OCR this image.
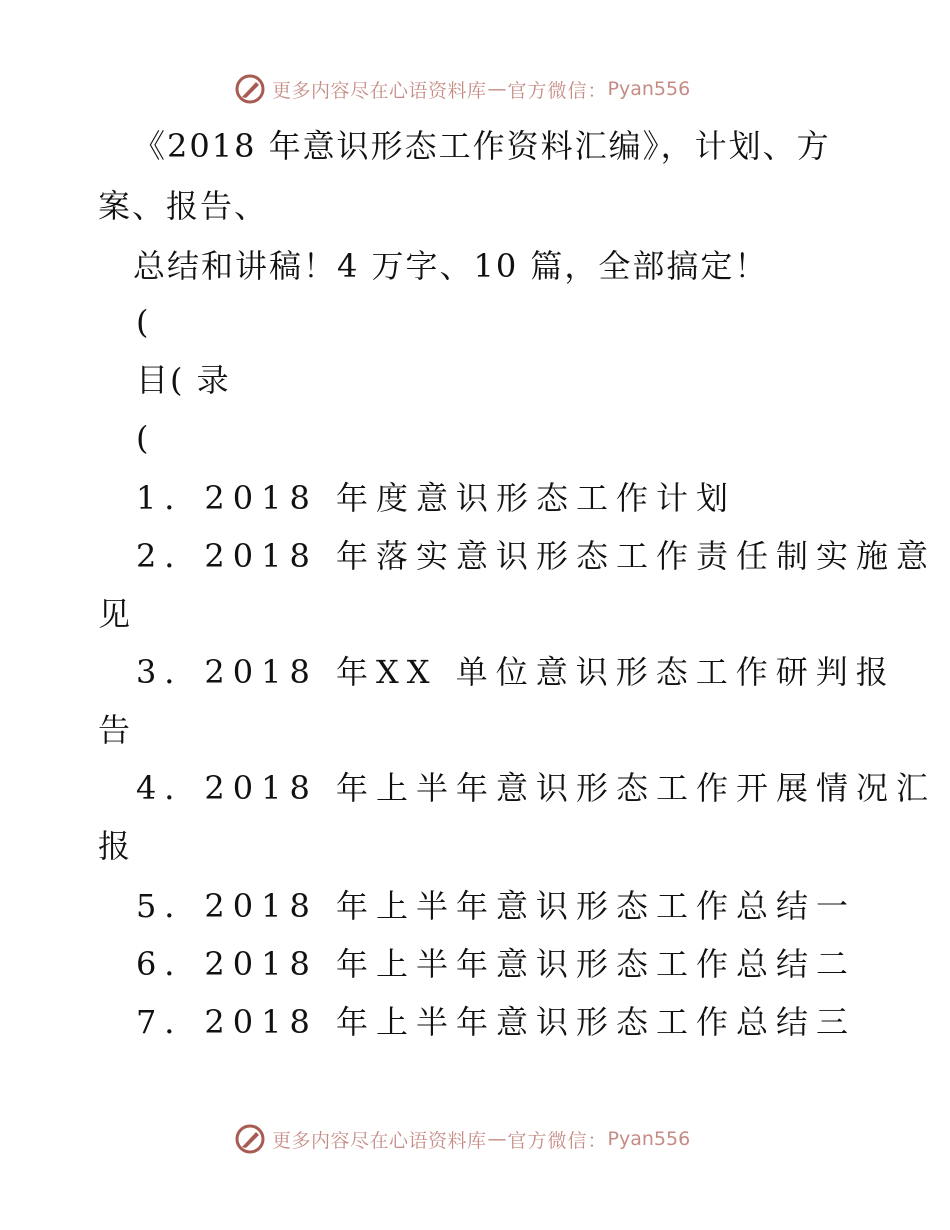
更多内容尽在心语资料库 — 官方微信： Pyan556
《2018 年意识形态工作资料汇编》，计划、方
案、报告、
总结和讲稿！4 万字、10 篇，全部搞定！
(
目( 录
(
1．2018 年度意识形态工作计划
2．2018 年落实意识形态工作责任制实施意
见
3．2018 年XX 单位意识形态工作研判报
告
4．2018 年上半年意识形态工作开展情况汇
报
5．2018 年上半年意识形态工作总结一
6．2018 年上半年意识形态工作总结二
7．2018 年上半年意识形态工作总结三
更多内容尽在心语资料库 — 官方微信： Pyan556
